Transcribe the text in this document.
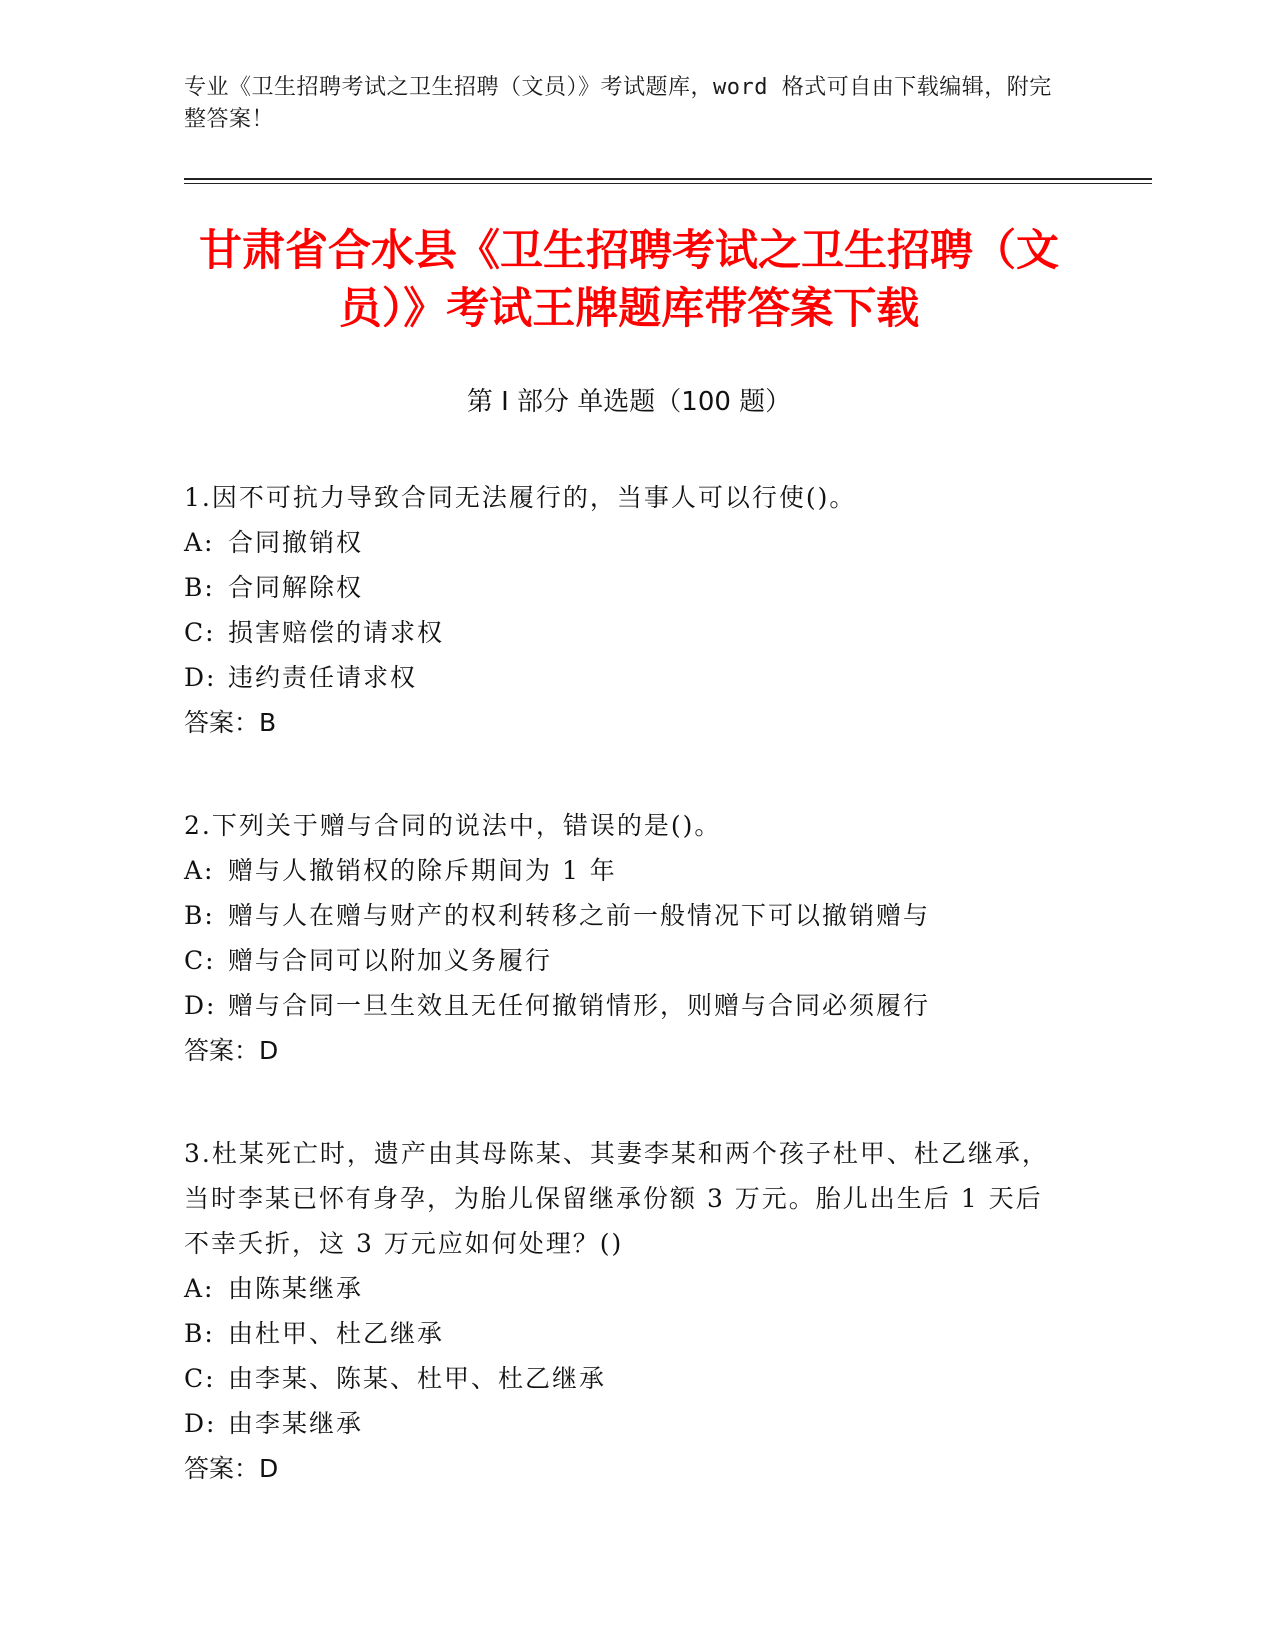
专业《卫生招聘考试之卫生招聘（文员）》考试题库，word 格式可自由下载编辑，附完整答案！
甘肃省合水县《卫生招聘考试之卫生招聘（文员）》考试王牌题库带答案下载
第 I 部分 单选题（100 题）
1.因不可抗力导致合同无法履行的，当事人可以行使()。
A: 合同撤销权
B: 合同解除权
C: 损害赔偿的请求权
D: 违约责任请求权
答案：B
2.下列关于赠与合同的说法中，错误的是()。
A: 赠与人撤销权的除斥期间为 1 年
B: 赠与人在赠与财产的权利转移之前一般情况下可以撤销赠与
C: 赠与合同可以附加义务履行
D: 赠与合同一旦生效且无任何撤销情形，则赠与合同必须履行
答案：D
3.杜某死亡时，遗产由其母陈某、其妻李某和两个孩子杜甲、杜乙继承，当时李某已怀有身孕，为胎儿保留继承份额 3 万元。胎儿出生后 1 天后不幸夭折，这 3 万元应如何处理？()
A: 由陈某继承
B: 由杜甲、杜乙继承
C: 由李某、陈某、杜甲、杜乙继承
D: 由李某继承
答案：D
